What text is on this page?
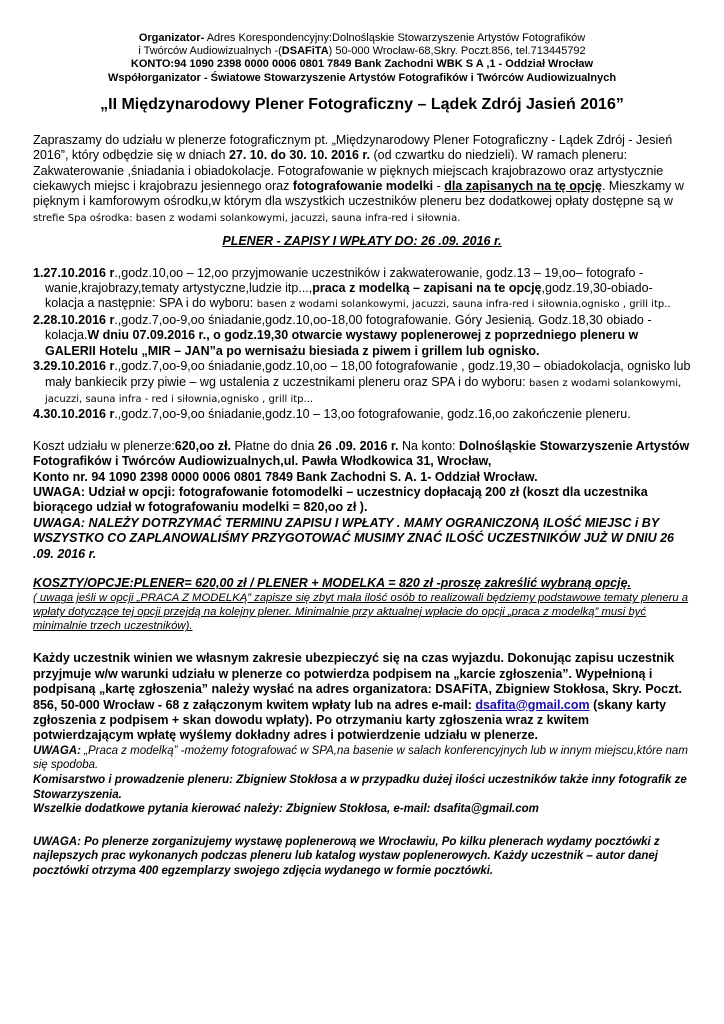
Organizator- Adres Korespondencyjny:Dolnośląskie Stowarzyszenie Artystów Fotografików

i Twórców Audiowizualnych -(DSAFiTA) 50-000 Wrocław-68,Skry. Poczt.856, tel.713445792

KONTO:94 1090 2398 0000 0006 0801 7849 Bank Zachodni WBK S A ,1 - Oddział Wrocław

Współorganizator - Światowe Stowarzyszenie Artystów Fotografików i Twórców Audiowizualnych

„II Międzynarodowy Plener Fotograficzny – Lądek Zdrój Jasień 2016”

Zapraszamy do udziału w plenerze fotograficznym pt. „Międzynarodowy Plener Fotograficzny - Lądek Zdrój - Jesień 2016”, który odbędzie się w dniach 27. 10. do 30. 10. 2016 r. (od czwartku do niedzieli). W ramach pleneru: Zakwaterowanie ,śniadania i obiadokolacje. Fotografowanie w pięknych miejscach krajobrazowo oraz artystycznie ciekawych miejsc i krajobrazu jesiennego oraz fotografowanie modelki - dla zapisanych na tę opcję. Mieszkamy w pięknym i kamforowym ośrodku,w którym dla wszystkich uczestników pleneru bez dodatkowej opłaty dostępne są w strefie Spa ośrodka: basen z wodami solankowymi, jacuzzi, sauna infra-red i siłownia.

PLENER - ZAPISY I WPŁATY DO: 26 .09. 2016 r.

1.27.10.2016 r.,godz.10,oo – 12,oo przyjmowanie uczestników i zakwaterowanie, godz.13 – 19,oo– fotografo - wanie,krajobrazy,tematy artystyczne,ludzie itp...,praca z modelką – zapisani na te opcję,godz.19,30-obiado- kolacja a następnie: SPA i do wyboru: basen z wodami solankowymi, jacuzzi, sauna infra-red i siłownia,ognisko , grill itp..

2.28.10.2016 r.,godz.7,oo-9,oo śniadanie,godz.10,oo-18,00 fotografowanie. Góry Jesienią. Godz.18,30 obiado - kolacja.W dniu 07.09.2016 r., o godz.19,30 otwarcie wystawy poplenerowej z poprzedniego pleneru w GALERII Hotelu „MIR – JAN”a po wernisażu biesiada z piwem i grillem lub ognisko.

3.29.10.2016 r.,godz.7,oo-9,oo śniadanie,godz.10,oo – 18,00 fotografowanie , godz.19,30 – obiadokolacja, ognisko lub mały bankiecik przy piwie – wg ustalenia z uczestnikami pleneru oraz SPA i do wyboru: basen z wodami solankowymi, jacuzzi, sauna infra - red i siłownia,ognisko , grill itp...

4.30.10.2016 r.,godz.7,oo-9,oo śniadanie,godz.10 – 13,oo fotografowanie, godz.16,oo zakończenie pleneru.

Koszt udziału w plenerze:620,oo zł. Płatne do dnia 26 .09. 2016 r. Na konto: Dolnośląskie Stowarzyszenie Artystów Fotografików i Twórców Audiowizualnych,ul. Pawła Włodkowica 31, Wrocław,

Konto nr. 94 1090 2398 0000 0006 0801 7849 Bank Zachodni S. A. 1- Oddział Wrocław.

UWAGA: Udział w opcji: fotografowanie fotomodelki – uczestnicy dopłacają 200 zł (koszt dla uczestnika biorącego udział w fotografowaniu modelki = 820,oo zł ).

UWAGA: NALEŻY DOTRZYMAĆ TERMINU ZAPISU I WPŁATY . MAMY OGRANICZONĄ ILOŚĆ MIEJSC i BY WSZYSTKO CO ZAPLANOWALIŚMY PRZYGOTOWAĆ MUSIMY ZNAĆ ILOŚĆ UCZESTNIKÓW JUŻ W DNIU 26 .09. 2016 r.

KOSZTY/OPCJE:PLENER= 620,00 zł / PLENER + MODELKA = 820 zł -proszę zakreślić wybraną opcję.

( uwaga jeśli w opcji „PRACA Z MODELKĄ” zapisze się zbyt mała ilość osób to realizowali będziemy podstawowe tematy pleneru a wpłaty dotyczące tej opcji przejdą na kolejny plener. Minimalnie przy aktualnej wpłacie do opcji „praca z modelką” musi być minimalnie trzech uczestników).

Każdy uczestnik winien we własnym zakresie ubezpieczyć się na czas wyjazdu. Dokonując zapisu uczestnik przyjmuje w/w warunki udziału w plenerze co potwierdza podpisem na „karcie zgłoszenia”. Wypełnioną i podpisaną „kartę zgłoszenia” należy wysłać na adres organizatora: DSAFiTA, Zbigniew Stokłosa, Skry. Poczt. 856, 50-000 Wrocław - 68 z załączonym kwitem wpłaty lub na adres e-mail: dsafita@gmail.com (skany karty zgłoszenia z podpisem + skan dowodu wpłaty). Po otrzymaniu karty zgłoszenia wraz z kwitem potwierdzającym wpłatę wyślemy dokładny adres i potwierdzenie udziału w plenerze.

UWAGA: „Praca z modelką” -możemy fotografować w SPA,na basenie w salach konferencyjnych lub w innym miejscu,które nam się spodoba.

Komisarstwo i prowadzenie pleneru: Zbigniew Stokłosa a w przypadku dużej ilości uczestników także inny fotografik ze Stowarzyszenia.

Wszelkie dodatkowe pytania kierować należy: Zbigniew Stokłosa, e-mail: dsafita@gmail.com

UWAGA: Po plenerze zorganizujemy wystawę poplenerową we Wrocławiu, Po kilku plenerach wydamy pocztówki z najlepszych prac wykonanych podczas pleneru lub katalog wystaw poplenerowych. Każdy uczestnik – autor danej pocztówki otrzyma 400 egzemplarzy swojego zdjęcia wydanego w formie pocztówki.
